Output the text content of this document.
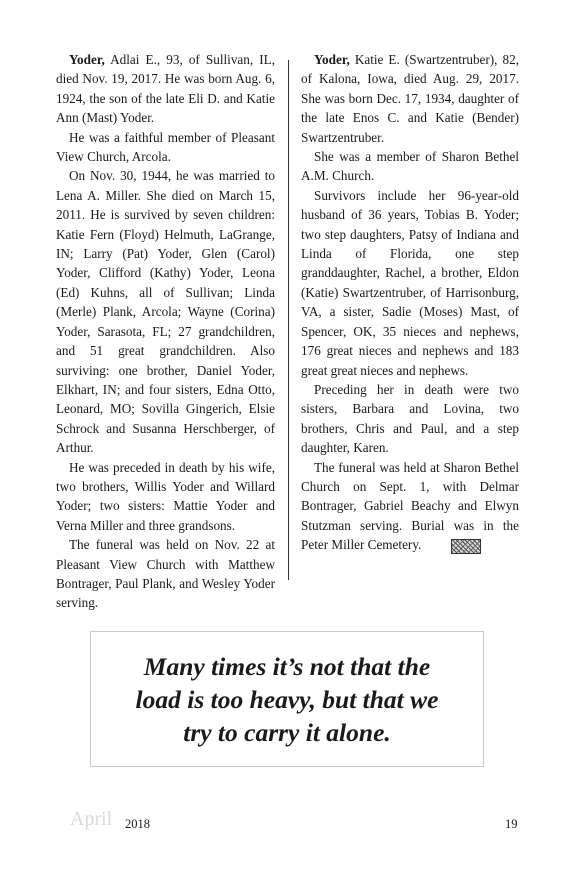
Yoder, Adlai E., 93, of Sullivan, IL, died Nov. 19, 2017. He was born Aug. 6, 1924, the son of the late Eli D. and Katie Ann (Mast) Yoder.

He was a faithful member of Pleasant View Church, Arcola.

On Nov. 30, 1944, he was married to Lena A. Miller. She died on March 15, 2011. He is survived by seven children: Katie Fern (Floyd) Helmuth, LaGrange, IN; Larry (Pat) Yoder, Glen (Carol) Yoder, Clifford (Kathy) Yoder, Leona (Ed) Kuhns, all of Sullivan; Linda (Merle) Plank, Arcola; Wayne (Corina) Yoder, Sarasota, FL; 27 grandchildren, and 51 great grandchildren. Also surviving: one brother, Daniel Yoder, Elkhart, IN; and four sisters, Edna Otto, Leonard, MO; Sovilla Gingerich, Elsie Schrock and Susanna Herschberger, of Arthur.

He was preceded in death by his wife, two brothers, Willis Yoder and Willard Yoder; two sisters: Mattie Yoder and Verna Miller and three grandsons.

The funeral was held on Nov. 22 at Pleasant View Church with Matthew Bontrager, Paul Plank, and Wesley Yoder serving.

Yoder, Katie E. (Swartzentruber), 82, of Kalona, Iowa, died Aug. 29, 2017. She was born Dec. 17, 1934, daughter of the late Enos C. and Katie (Bender) Swartzentruber.

She was a member of Sharon Bethel A.M. Church.

Survivors include her 96-year-old husband of 36 years, Tobias B. Yoder; two step daughters, Patsy of Indiana and Linda of Florida, one step granddaughter, Rachel, a brother, Eldon (Katie) Swartzentruber, of Harrisonburg, VA, a sister, Sadie (Moses) Mast, of Spencer, OK, 35 nieces and nephews, 176 great nieces and nephews and 183 great great nieces and nephews.

Preceding her in death were two sisters, Barbara and Lovina, two brothers, Chris and Paul, and a step daughter, Karen.

The funeral was held at Sharon Bethel Church on Sept. 1, with Delmar Bontrager, Gabriel Beachy and Elwyn Stutzman serving. Burial was in the Peter Miller Cemetery.

Many times it’s not that the
load is too heavy, but that we
try to carry it alone.
April 2018	19
